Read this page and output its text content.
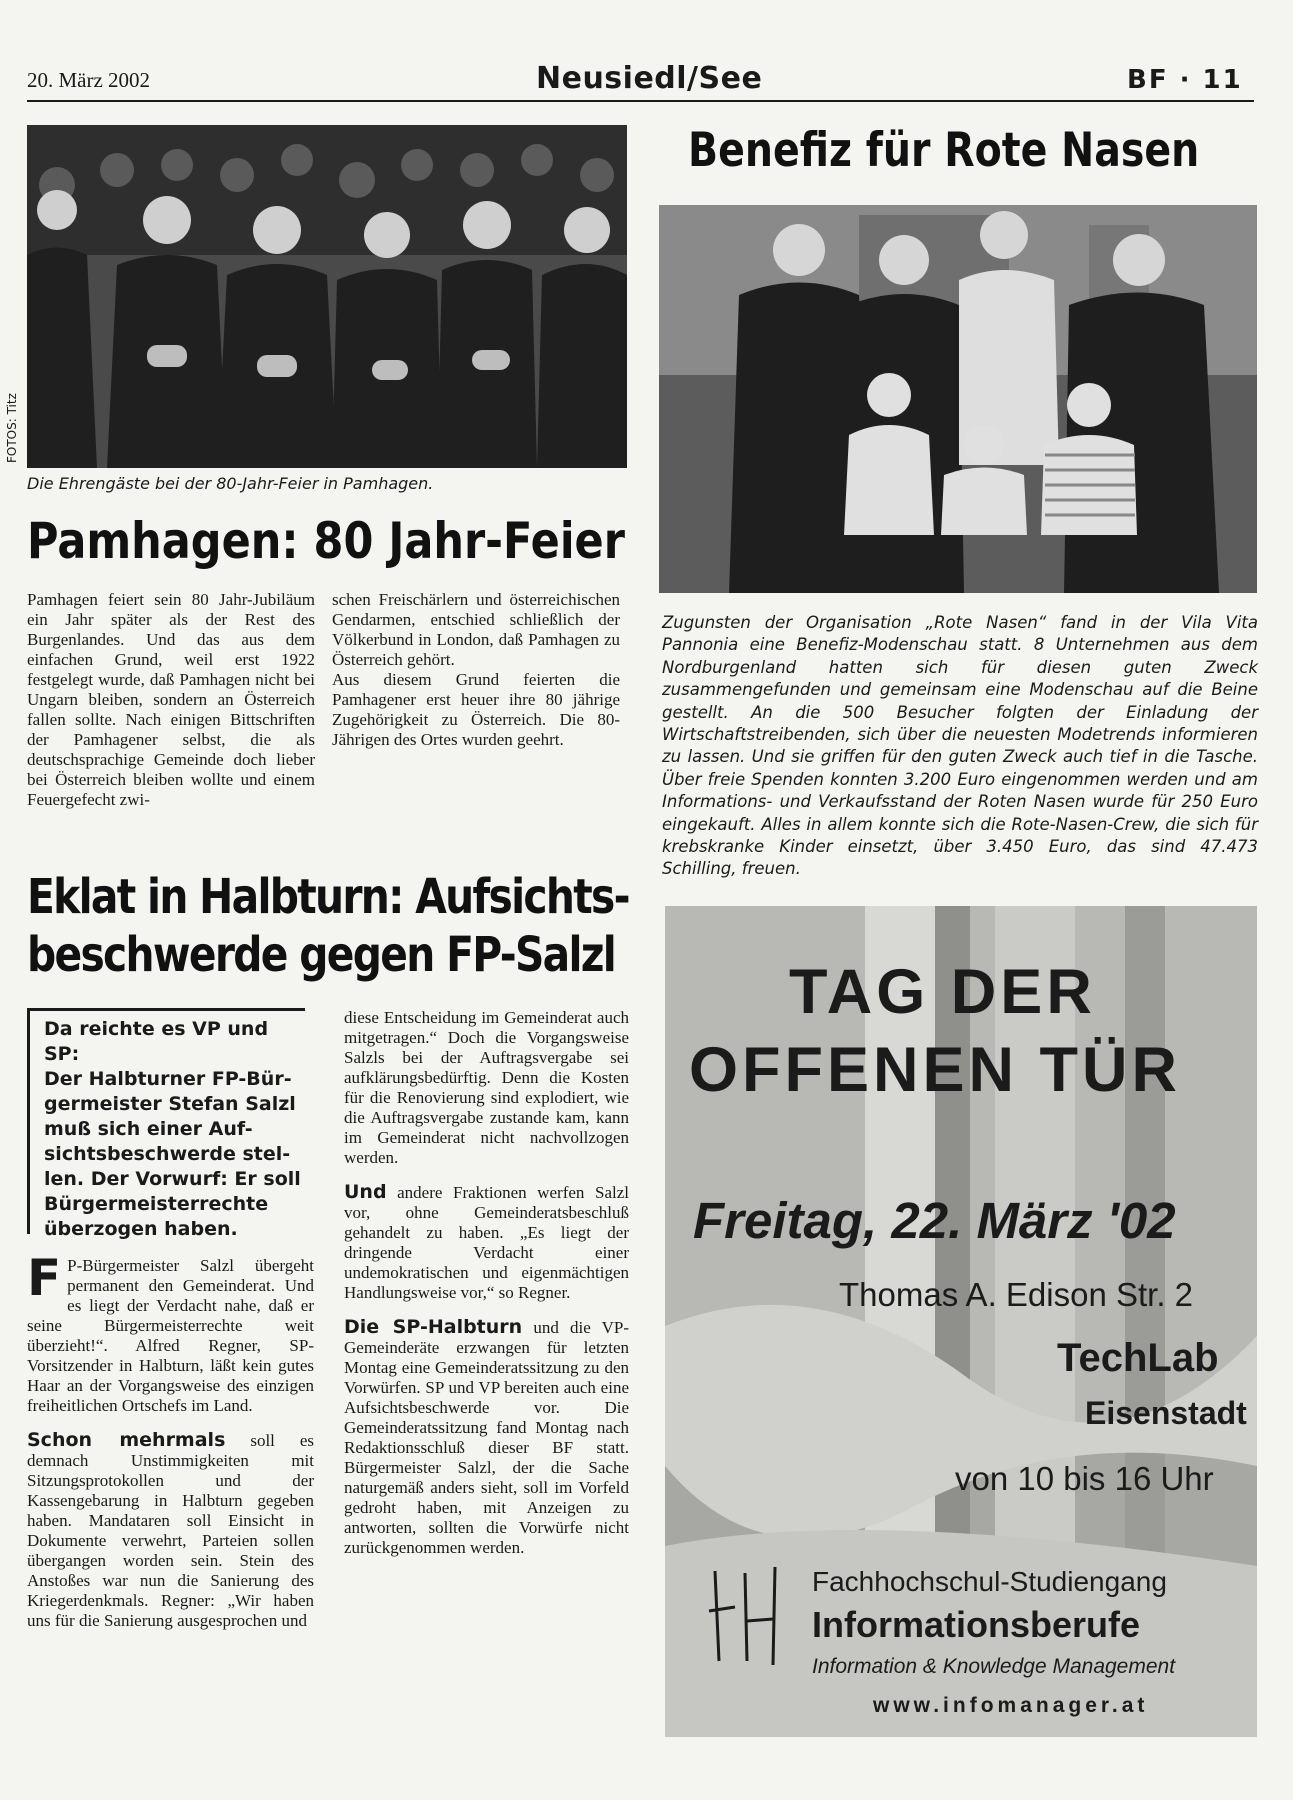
20. März 2002	Neusiedl/See	BF · 11
FOTOS: Titz
Die Ehrengäste bei der 80-Jahr-Feier in Pamhagen.
Pamhagen: 80 Jahr-Feier

Pamhagen feiert sein 80 Jahr-Jubiläum ein Jahr später als der Rest des Burgenlandes. Und das aus dem einfachen Grund, weil erst 1922 festgelegt wurde, daß Pamhagen nicht bei Ungarn bleiben, sondern an Österreich fallen sollte. Nach einigen Bittschriften der Pamhagener selbst, die als deutschsprachige Gemeinde doch lieber bei Österreich bleiben wollte und einem Feuergefecht zwi-

schen Freischärlern und österreichischen Gendarmen, entschied schließlich der Völkerbund in London, daß Pamhagen zu Österreich gehört.

Aus diesem Grund feierten die Pamhagener erst heuer ihre 80 jährige Zugehörigkeit zu Österreich. Die 80-Jährigen des Ortes wurden geehrt.

Benefiz für Rote Nasen
Zugunsten der Organisation „Rote Nasen“ fand in der Vila Vita Pannonia eine Benefiz-Modenschau statt. 8 Unternehmen aus dem Nordburgenland hatten sich für diesen guten Zweck zusammengefunden und gemeinsam eine Modenschau auf die Beine gestellt. An die 500 Besucher folgten der Einladung der Wirtschaftstreibenden, sich über die neuesten Modetrends informieren zu lassen. Und sie griffen für den guten Zweck auch tief in die Tasche. Über freie Spenden konnten 3.200 Euro eingenommen werden und am Informations- und Verkaufsstand der Roten Nasen wurde für 250 Euro eingekauft. Alles in allem konnte sich die Rote-Nasen-Crew, die sich für krebskranke Kinder einsetzt, über 3.450 Euro, das sind 47.473 Schilling, freuen.
Eklat in Halbturn: Aufsichts-
beschwerde gegen FP-Salzl
Da reichte es VP und SP:
Der Halbturner FP-Bür-
germeister Stefan Salzl
muß sich einer Auf-
sichtsbeschwerde stel-
len. Der Vorwurf: Er soll
Bürgermeisterrechte
überzogen haben.

F P-Bürgermeister Salzl übergeht permanent den Gemeinderat. Und es liegt der Verdacht nahe, daß er seine Bürgermeisterrechte weit überzieht!“. Alfred Regner, SP-Vorsitzender in Halbturn, läßt kein gutes Haar an der Vorgangsweise des einzigen freiheitlichen Ortschefs im Land.

Schon mehrmals soll es demnach Unstimmigkeiten mit Sitzungsprotokollen und der Kassengebarung in Halbturn gegeben haben. Mandataren soll Einsicht in Dokumente verwehrt, Parteien sollen übergangen worden sein. Stein des Anstoßes war nun die Sanierung des Kriegerdenkmals. Regner: „Wir haben uns für die Sanierung ausgesprochen und

diese Entscheidung im Gemeinderat auch mitgetragen.“ Doch die Vorgangsweise Salzls bei der Auftragsvergabe sei aufklärungsbedürftig. Denn die Kosten für die Renovierung sind explodiert, wie die Auftragsvergabe zustande kam, kann im Gemeinderat nicht nachvollzogen werden.

Und andere Fraktionen werfen Salzl vor, ohne Gemeinderatsbeschluß gehandelt zu haben. „Es liegt der dringende Verdacht einer undemokratischen und eigenmächtigen Handlungsweise vor,“ so Regner.

Die SP-Halbturn und die VP-Gemeinderäte erzwangen für letzten Montag eine Gemeinderatssitzung zu den Vorwürfen. SP und VP bereiten auch eine Aufsichtsbeschwerde vor. Die Gemeinderatssitzung fand Montag nach Redaktionsschluß dieser BF statt. Bürgermeister Salzl, der die Sache naturgemäß anders sieht, soll im Vorfeld gedroht haben, mit Anzeigen zu antworten, sollten die Vorwürfe nicht zurückgenommen werden.

TAG DER
OFFENEN TÜR
Freitag, 22. März '02
Thomas A. Edison Str. 2
TechLab
Eisenstadt
von 10 bis 16 Uhr
Fachhochschul-Studiengang
Informationsberufe
Information & Knowledge Management
www.infomanager.at
